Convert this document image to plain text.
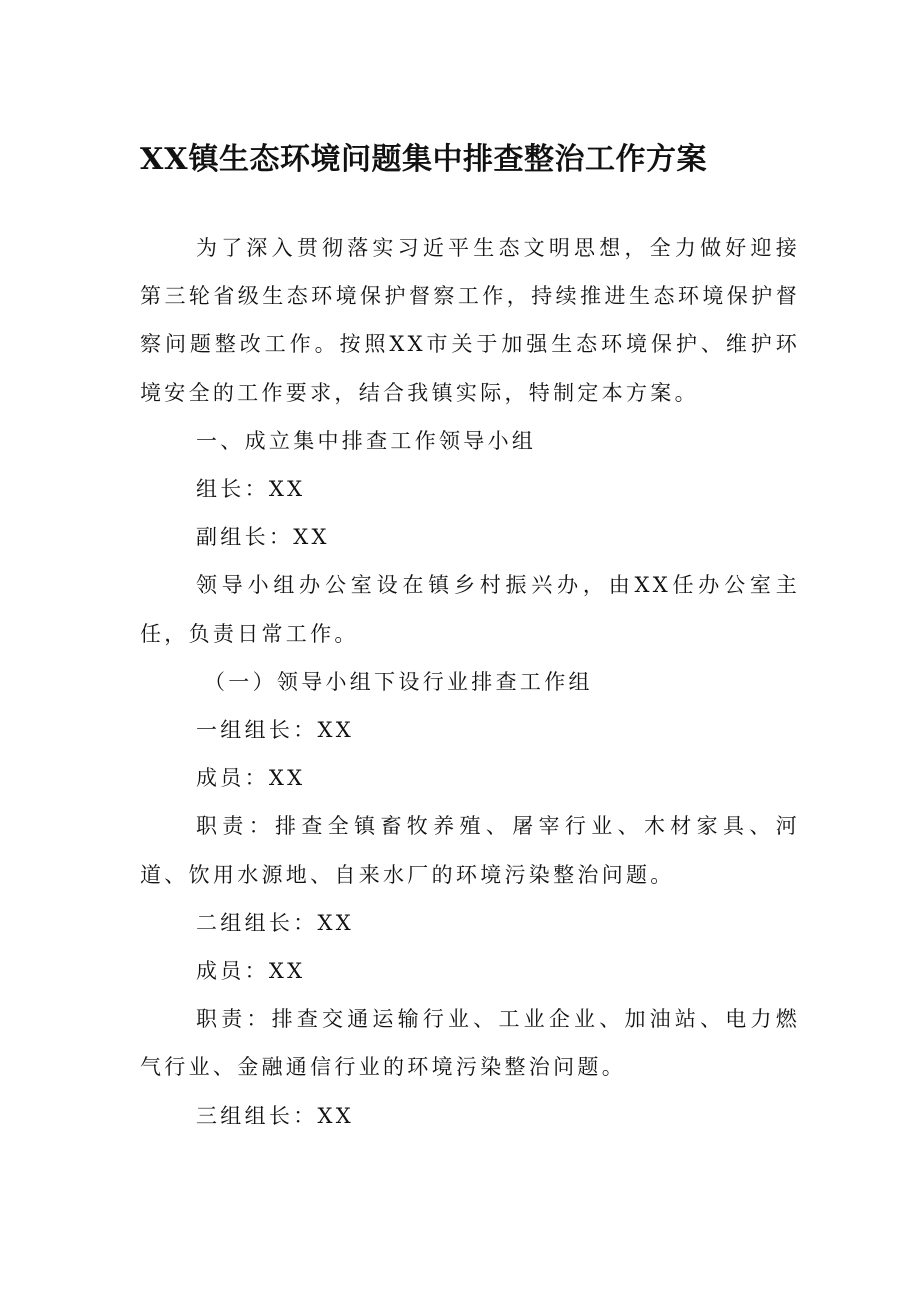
XX镇生态环境问题集中排查整治工作方案

为了深入贯彻落实习近平生态文明思想，全力做好迎接第三轮省级生态环境保护督察工作，持续推进生态环境保护督察问题整改工作。按照XX市关于加强生态环境保护、维护环境安全的工作要求，结合我镇实际，特制定本方案。

一、成立集中排查工作领导小组

组长：XX

副组长：XX

领导小组办公室设在镇乡村振兴办，由XX任办公室主任，负责日常工作。

（一）领导小组下设行业排查工作组

一组组长：XX

成员：XX

职责：排查全镇畜牧养殖、屠宰行业、木材家具、河道、饮用水源地、自来水厂的环境污染整治问题。

二组组长：XX

成员：XX

职责：排查交通运输行业、工业企业、加油站、电力燃气行业、金融通信行业的环境污染整治问题。

三组组长：XX
